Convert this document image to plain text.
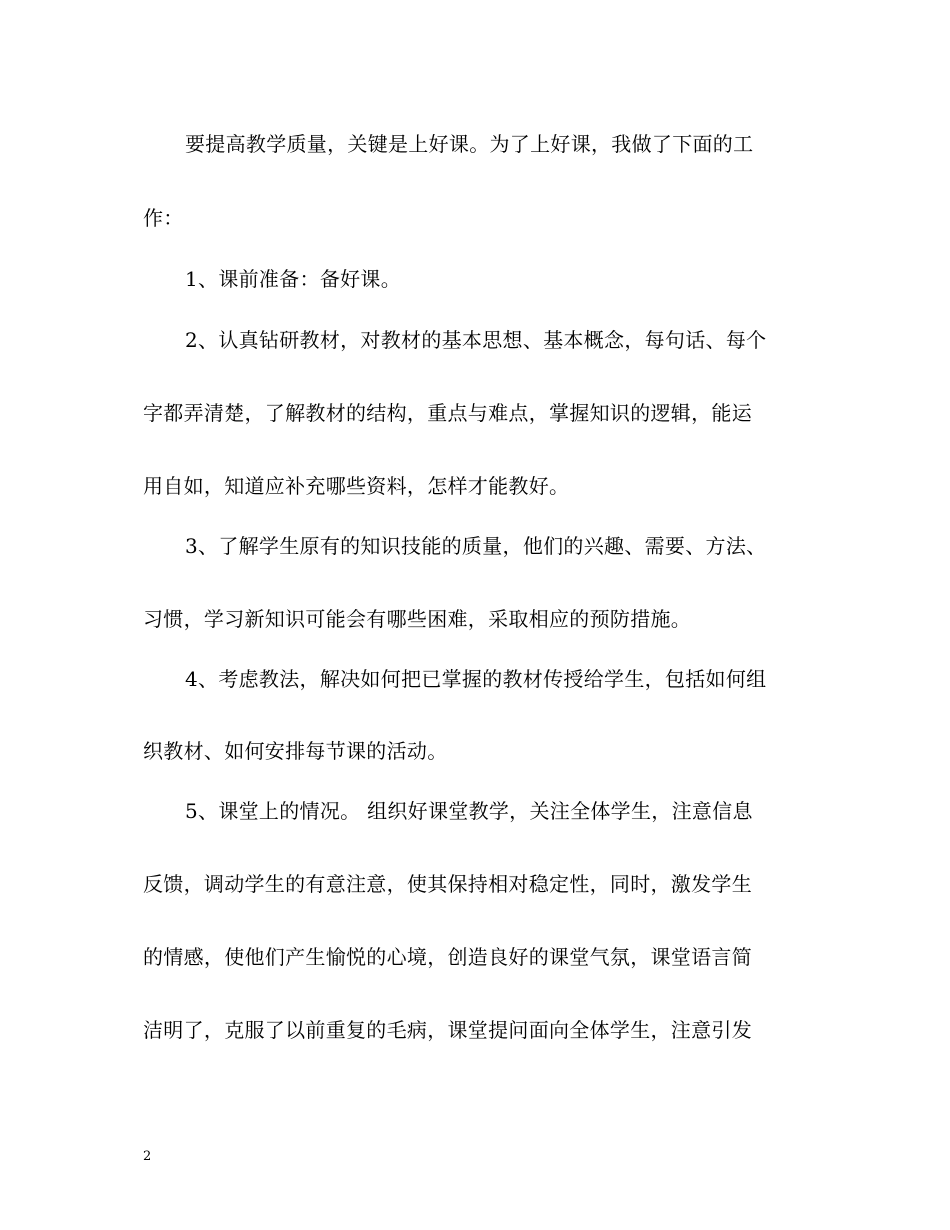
要提高教学质量，关键是上好课。为了上好课，我做了下面的工
作：
1、课前准备：备好课。
2、认真钻研教材，对教材的基本思想、基本概念，每句话、每个
字都弄清楚，了解教材的结构，重点与难点，掌握知识的逻辑，能运
用自如，知道应补充哪些资料，怎样才能教好。
3、了解学生原有的知识技能的质量，他们的兴趣、需要、方法、
习惯，学习新知识可能会有哪些困难，采取相应的预防措施。
4、考虑教法，解决如何把已掌握的教材传授给学生，包括如何组
织教材、如何安排每节课的活动。
5、课堂上的情况。 组织好课堂教学，关注全体学生，注意信息
反馈，调动学生的有意注意，使其保持相对稳定性，同时，激发学生
的情感，使他们产生愉悦的心境，创造良好的课堂气氛，课堂语言简
洁明了，克服了以前重复的毛病，课堂提问面向全体学生，注意引发
2
